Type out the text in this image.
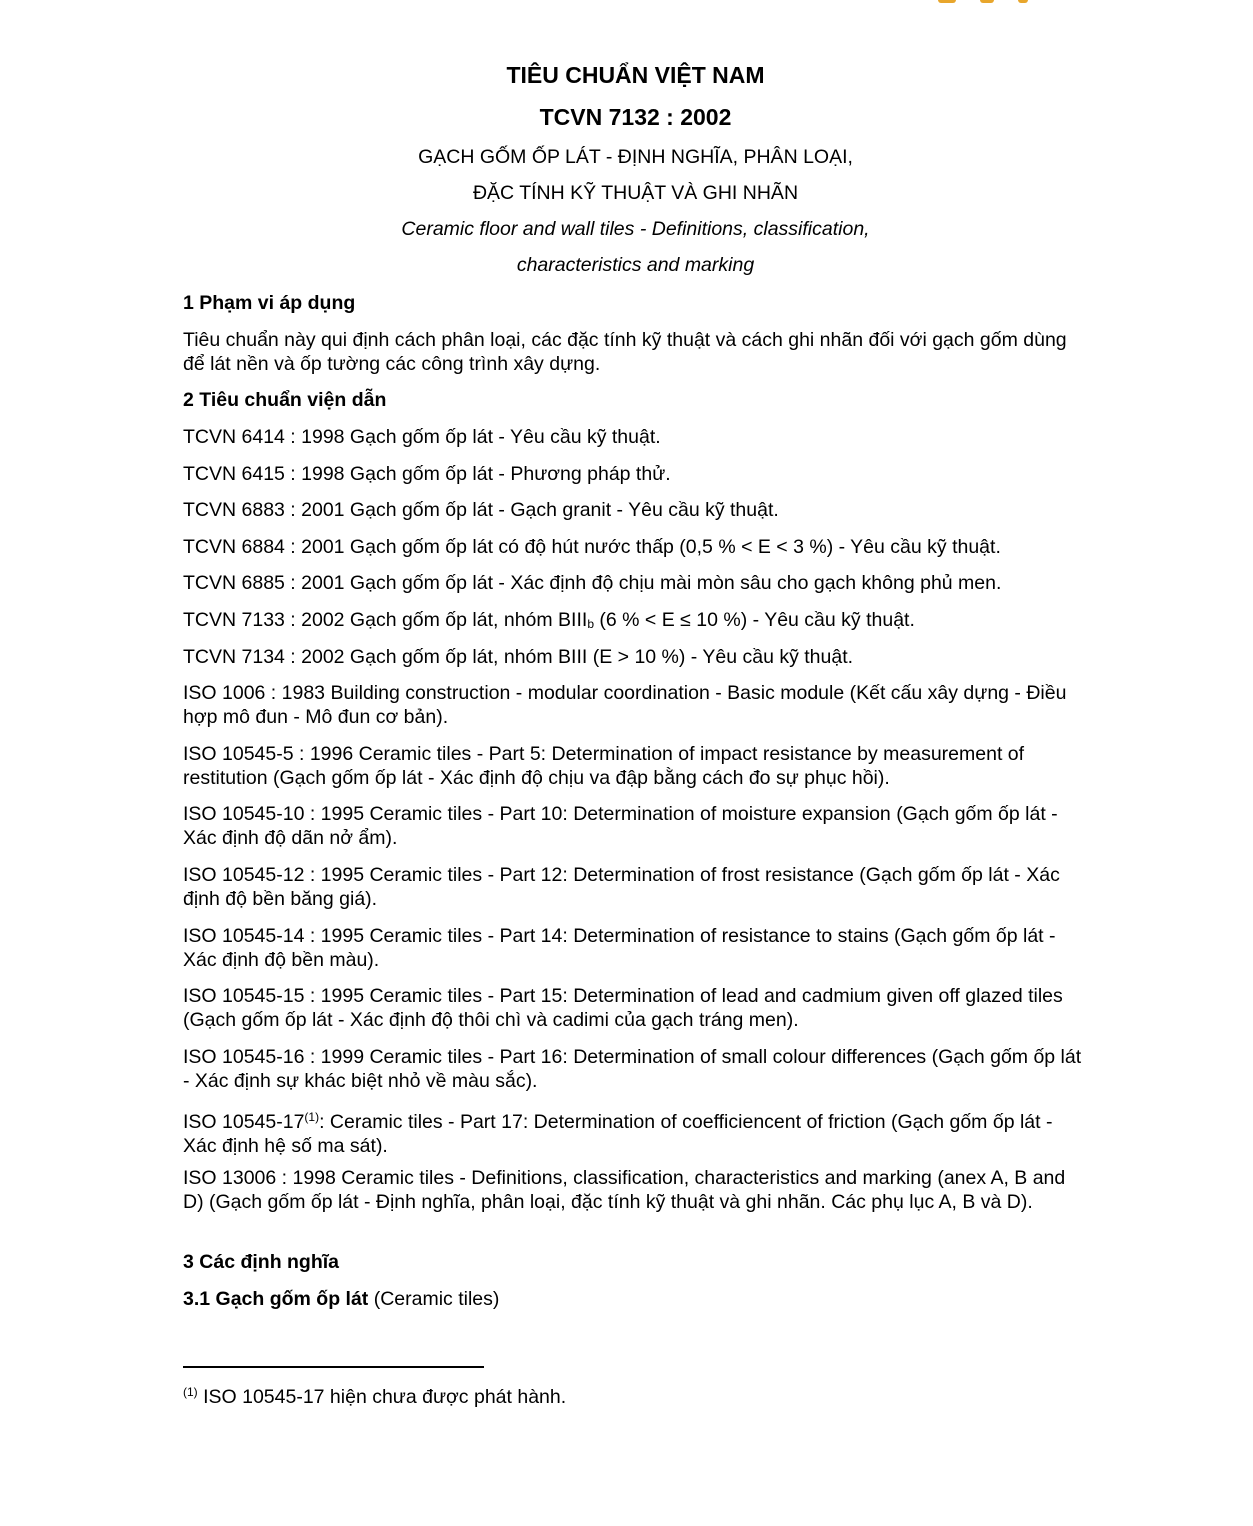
TIÊU CHUẨN VIỆT NAM
TCVN 7132 : 2002
GẠCH GỐM ỐP LÁT - ĐỊNH NGHĨA, PHÂN LOẠI,
ĐẶC TÍNH KỸ THUẬT VÀ GHI NHÃN
Ceramic floor and wall tiles - Definitions, classification,
characteristics and marking
1 Phạm vi áp dụng
Tiêu chuẩn này qui định cách phân loại, các đặc tính kỹ thuật và cách ghi nhãn đối với gạch gốm dùng để lát nền và ốp tường các công trình xây dựng.
2 Tiêu chuẩn viện dẫn
TCVN 6414 : 1998 Gạch gốm ốp lát - Yêu cầu kỹ thuật.
TCVN 6415 : 1998 Gạch gốm ốp lát - Phương pháp thử.
TCVN 6883 : 2001 Gạch gốm ốp lát - Gạch granit - Yêu cầu kỹ thuật.
TCVN 6884 : 2001 Gạch gốm ốp lát có độ hút nước thấp (0,5 % < E < 3 %) - Yêu cầu kỹ thuật.
TCVN 6885 : 2001 Gạch gốm ốp lát - Xác định độ chịu mài mòn sâu cho gạch không phủ men.
TCVN 7133 : 2002 Gạch gốm ốp lát, nhóm $BIII_b$ (6 % < E ≤ 10 %) - Yêu cầu kỹ thuật.
TCVN 7134 : 2002 Gạch gốm ốp lát, nhóm BIII (E > 10 %) - Yêu cầu kỹ thuật.
ISO 1006 : 1983 Building construction - modular coordination - Basic module (Kết cấu xây dựng - Điều hợp mô đun - Mô đun cơ bản).
ISO 10545-5 : 1996 Ceramic tiles - Part 5: Determination of impact resistance by measurement of restitution (Gạch gốm ốp lát - Xác định độ chịu va đập bằng cách đo sự phục hồi).
ISO 10545-10 : 1995 Ceramic tiles - Part 10: Determination of moisture expansion (Gạch gốm ốp lát - Xác định độ dãn nở ẩm).
ISO 10545-12 : 1995 Ceramic tiles - Part 12: Determination of frost resistance (Gạch gốm ốp lát - Xác định độ bền băng giá).
ISO 10545-14 : 1995 Ceramic tiles - Part 14: Determination of resistance to stains (Gạch gốm ốp lát - Xác định độ bền màu).
ISO 10545-15 : 1995 Ceramic tiles - Part 15: Determination of lead and cadmium given off glazed tiles (Gạch gốm ốp lát - Xác định độ thôi chì và cadimi của gạch tráng men).
ISO 10545-16 : 1999 Ceramic tiles - Part 16: Determination of small colour differences (Gạch gốm ốp lát - Xác định sự khác biệt nhỏ về màu sắc).
ISO 10545-17$^{(1)}$: Ceramic tiles - Part 17: Determination of coefficiencent of friction (Gạch gốm ốp lát - Xác định hệ số ma sát).
ISO 13006 : 1998 Ceramic tiles - Definitions, classification, characteristics and marking (anex A, B and D) (Gạch gốm ốp lát - Định nghĩa, phân loại, đặc tính kỹ thuật và ghi nhãn. Các phụ lục A, B và D).
3 Các định nghĩa
3.1 Gạch gốm ốp lát (Ceramic tiles)
$^{(1)}$ ISO 10545-17 hiện chưa được phát hành.
